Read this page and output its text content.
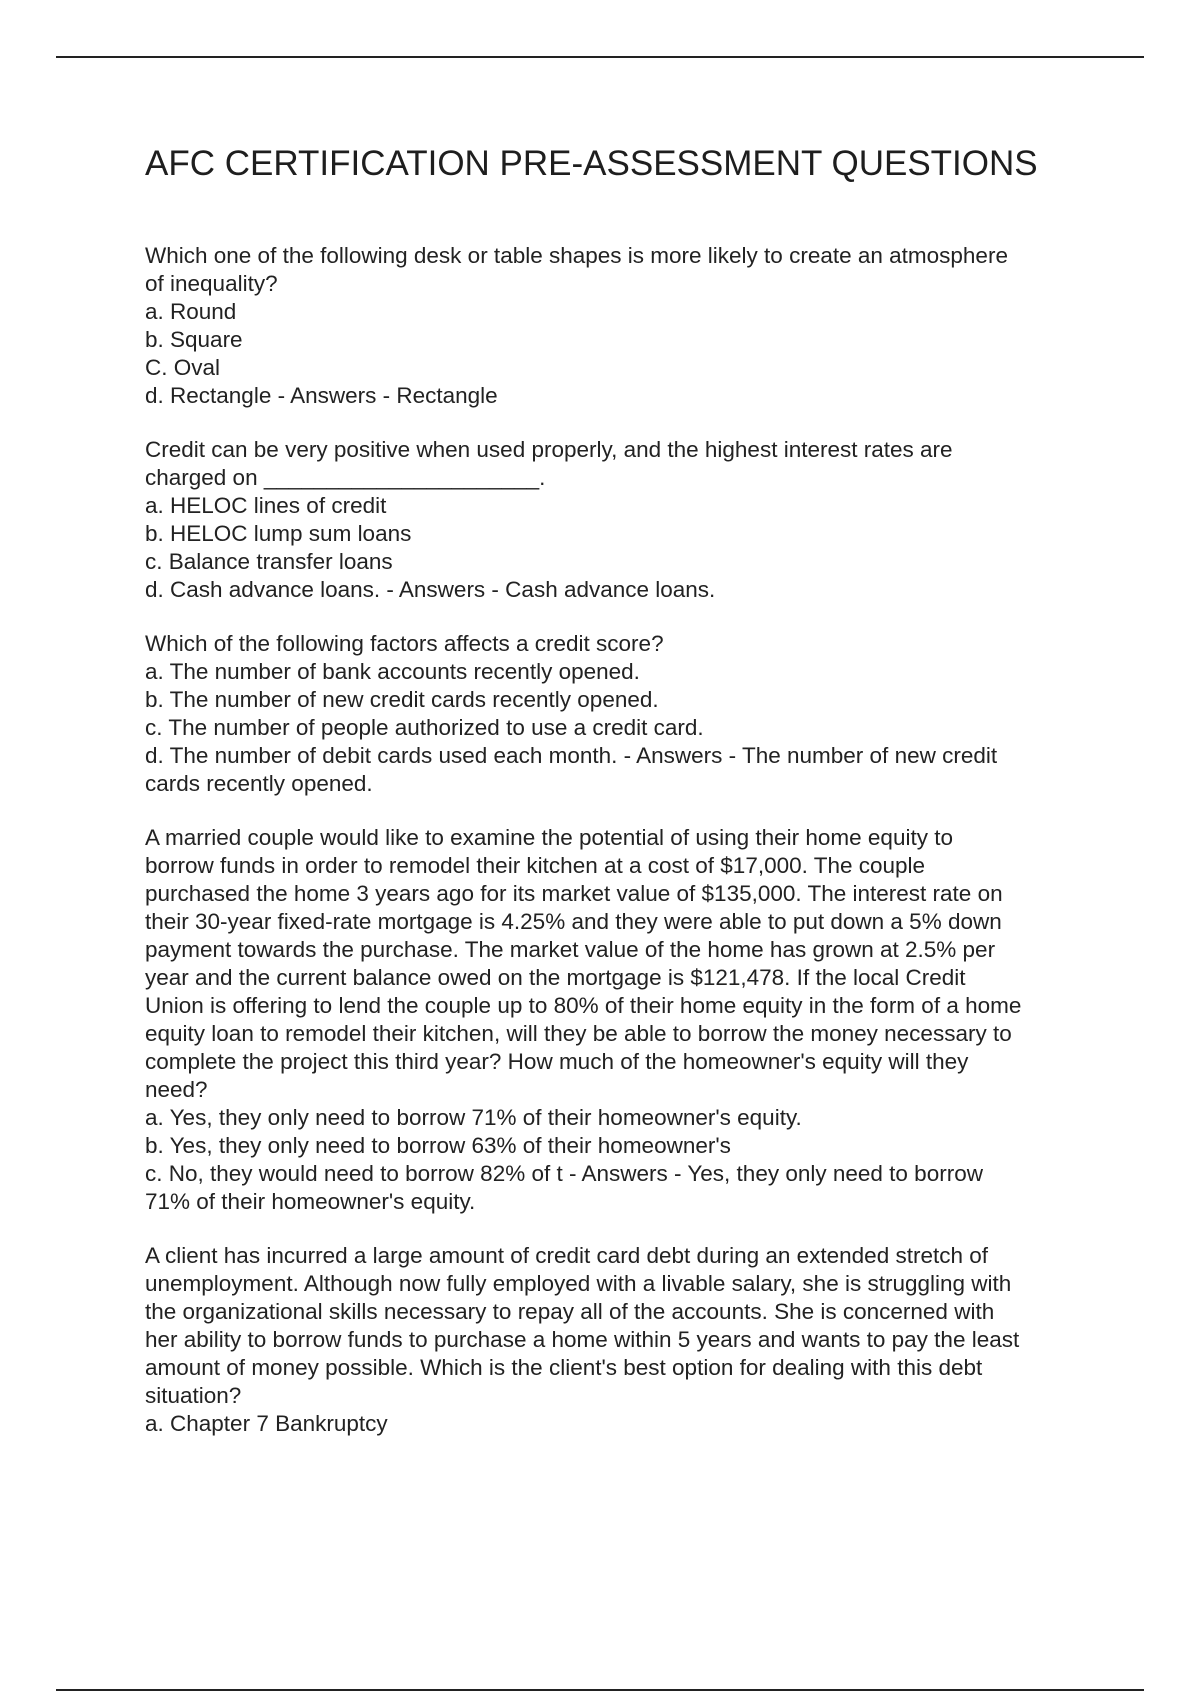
AFC CERTIFICATION PRE-ASSESSMENT QUESTIONS
Which one of the following desk or table shapes is more likely to create an atmosphere
of inequality?
a. Round
b. Square
C. Oval
d. Rectangle - Answers - Rectangle
Credit can be very positive when used properly, and the highest interest rates are
charged on ______________________.
a. HELOC lines of credit
b. HELOC lump sum loans
c. Balance transfer loans
d. Cash advance loans. - Answers - Cash advance loans.
Which of the following factors affects a credit score?
a. The number of bank accounts recently opened.
b. The number of new credit cards recently opened.
c. The number of people authorized to use a credit card.
d. The number of debit cards used each month. - Answers - The number of new credit
cards recently opened.
A married couple would like to examine the potential of using their home equity to
borrow funds in order to remodel their kitchen at a cost of $17,000. The couple
purchased the home 3 years ago for its market value of $135,000. The interest rate on
their 30-year fixed-rate mortgage is 4.25% and they were able to put down a 5% down
payment towards the purchase. The market value of the home has grown at 2.5% per
year and the current balance owed on the mortgage is $121,478. If the local Credit
Union is offering to lend the couple up to 80% of their home equity in the form of a home
equity loan to remodel their kitchen, will they be able to borrow the money necessary to
complete the project this third year? How much of the homeowner's equity will they
need?
a. Yes, they only need to borrow 71% of their homeowner's equity.
b. Yes, they only need to borrow 63% of their homeowner's
c. No, they would need to borrow 82% of t - Answers - Yes, they only need to borrow
71% of their homeowner's equity.
A client has incurred a large amount of credit card debt during an extended stretch of
unemployment. Although now fully employed with a livable salary, she is struggling with
the organizational skills necessary to repay all of the accounts. She is concerned with
her ability to borrow funds to purchase a home within 5 years and wants to pay the least
amount of money possible. Which is the client's best option for dealing with this debt
situation?
a. Chapter 7 Bankruptcy
